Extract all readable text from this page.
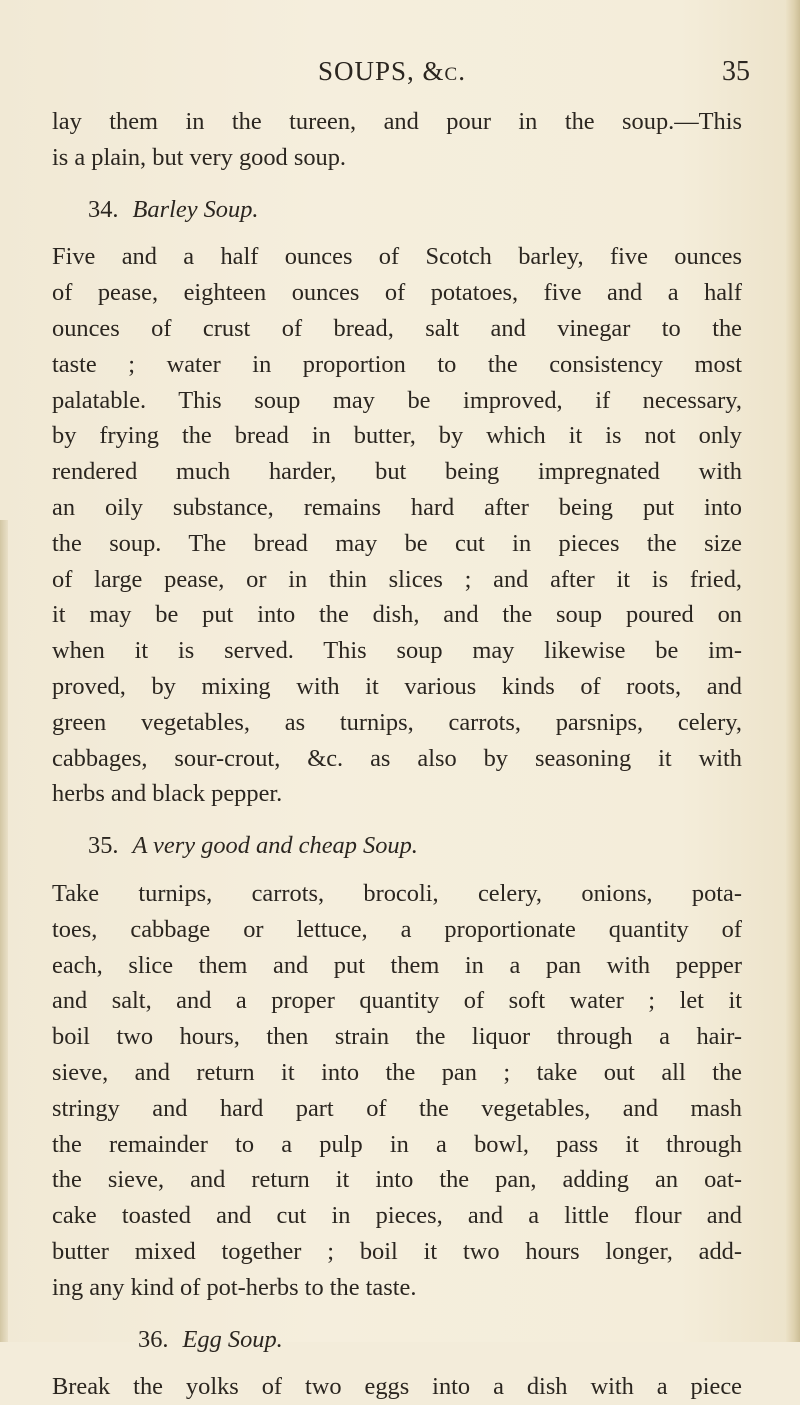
SOUPS, &c.	35
lay them in the tureen, and pour in the soup.—This
is a plain, but very good soup.
34. Barley Soup.
Five and a half ounces of Scotch barley, five ounces
of pease, eighteen ounces of potatoes, five and a half
ounces of crust of bread, salt and vinegar to the
taste ; water in proportion to the consistency most
palatable. This soup may be improved, if necessary,
by frying the bread in butter, by which it is not only
rendered much harder, but being impregnated with
an oily substance, remains hard after being put into
the soup. The bread may be cut in pieces the size
of large pease, or in thin slices ; and after it is fried,
it may be put into the dish, and the soup poured on
when it is served. This soup may likewise be im-
proved, by mixing with it various kinds of roots, and
green vegetables, as turnips, carrots, parsnips, celery,
cabbages, sour-crout, &c. as also by seasoning it with
herbs and black pepper.
35. A very good and cheap Soup.
Take turnips, carrots, brocoli, celery, onions, pota-
toes, cabbage or lettuce, a proportionate quantity of
each, slice them and put them in a pan with pepper
and salt, and a proper quantity of soft water ; let it
boil two hours, then strain the liquor through a hair-
sieve, and return it into the pan ; take out all the
stringy and hard part of the vegetables, and mash
the remainder to a pulp in a bowl, pass it through
the sieve, and return it into the pan, adding an oat-
cake toasted and cut in pieces, and a little flour and
butter mixed together ; boil it two hours longer, add-
ing any kind of pot-herbs to the taste.
36. Egg Soup.
Break the yolks of two eggs into a dish with a piece
